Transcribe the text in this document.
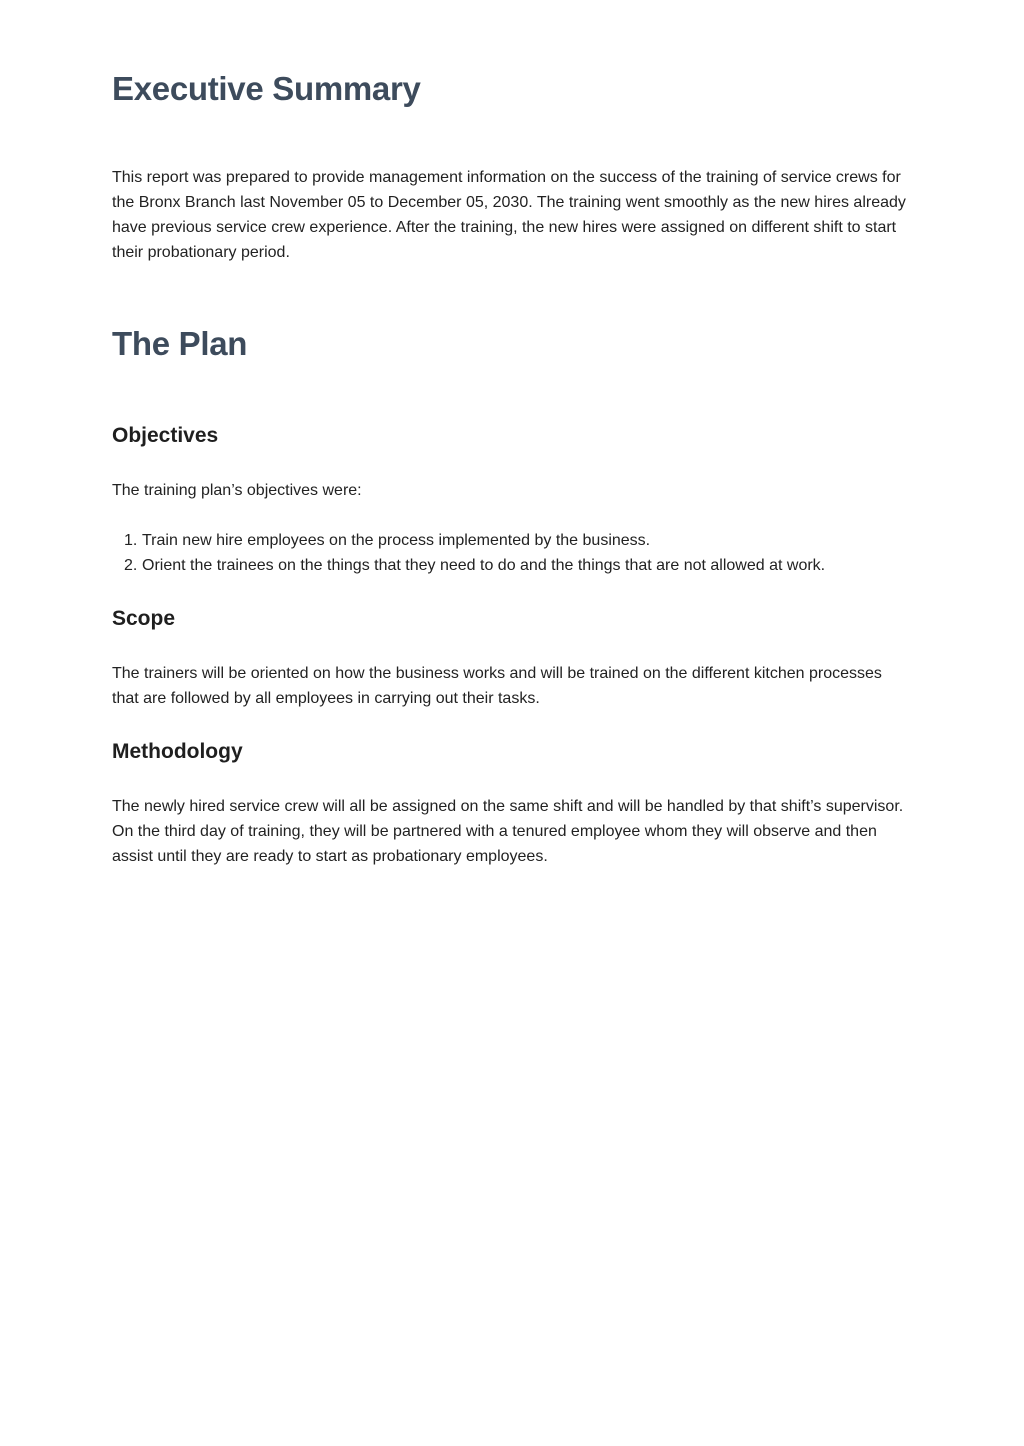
Executive Summary

This report was prepared to provide management information on the success of the training of service crews for the Bronx Branch last November 05 to December 05, 2030. The training went smoothly as the new hires already have previous service crew experience. After the training, the new hires were assigned on different shift to start their probationary period.

The Plan
Objectives

The training plan’s objectives were:

1. Train new hire employees on the process implemented by the business.
2. Orient the trainees on the things that they need to do and the things that are not allowed at work.
Scope

The trainers will be oriented on how the business works and will be trained on the different kitchen processes that are followed by all employees in carrying out their tasks.

Methodology

The newly hired service crew will all be assigned on the same shift and will be handled by that shift’s supervisor. On the third day of training, they will be partnered with a tenured employee whom they will observe and then assist until they are ready to start as probationary employees.
